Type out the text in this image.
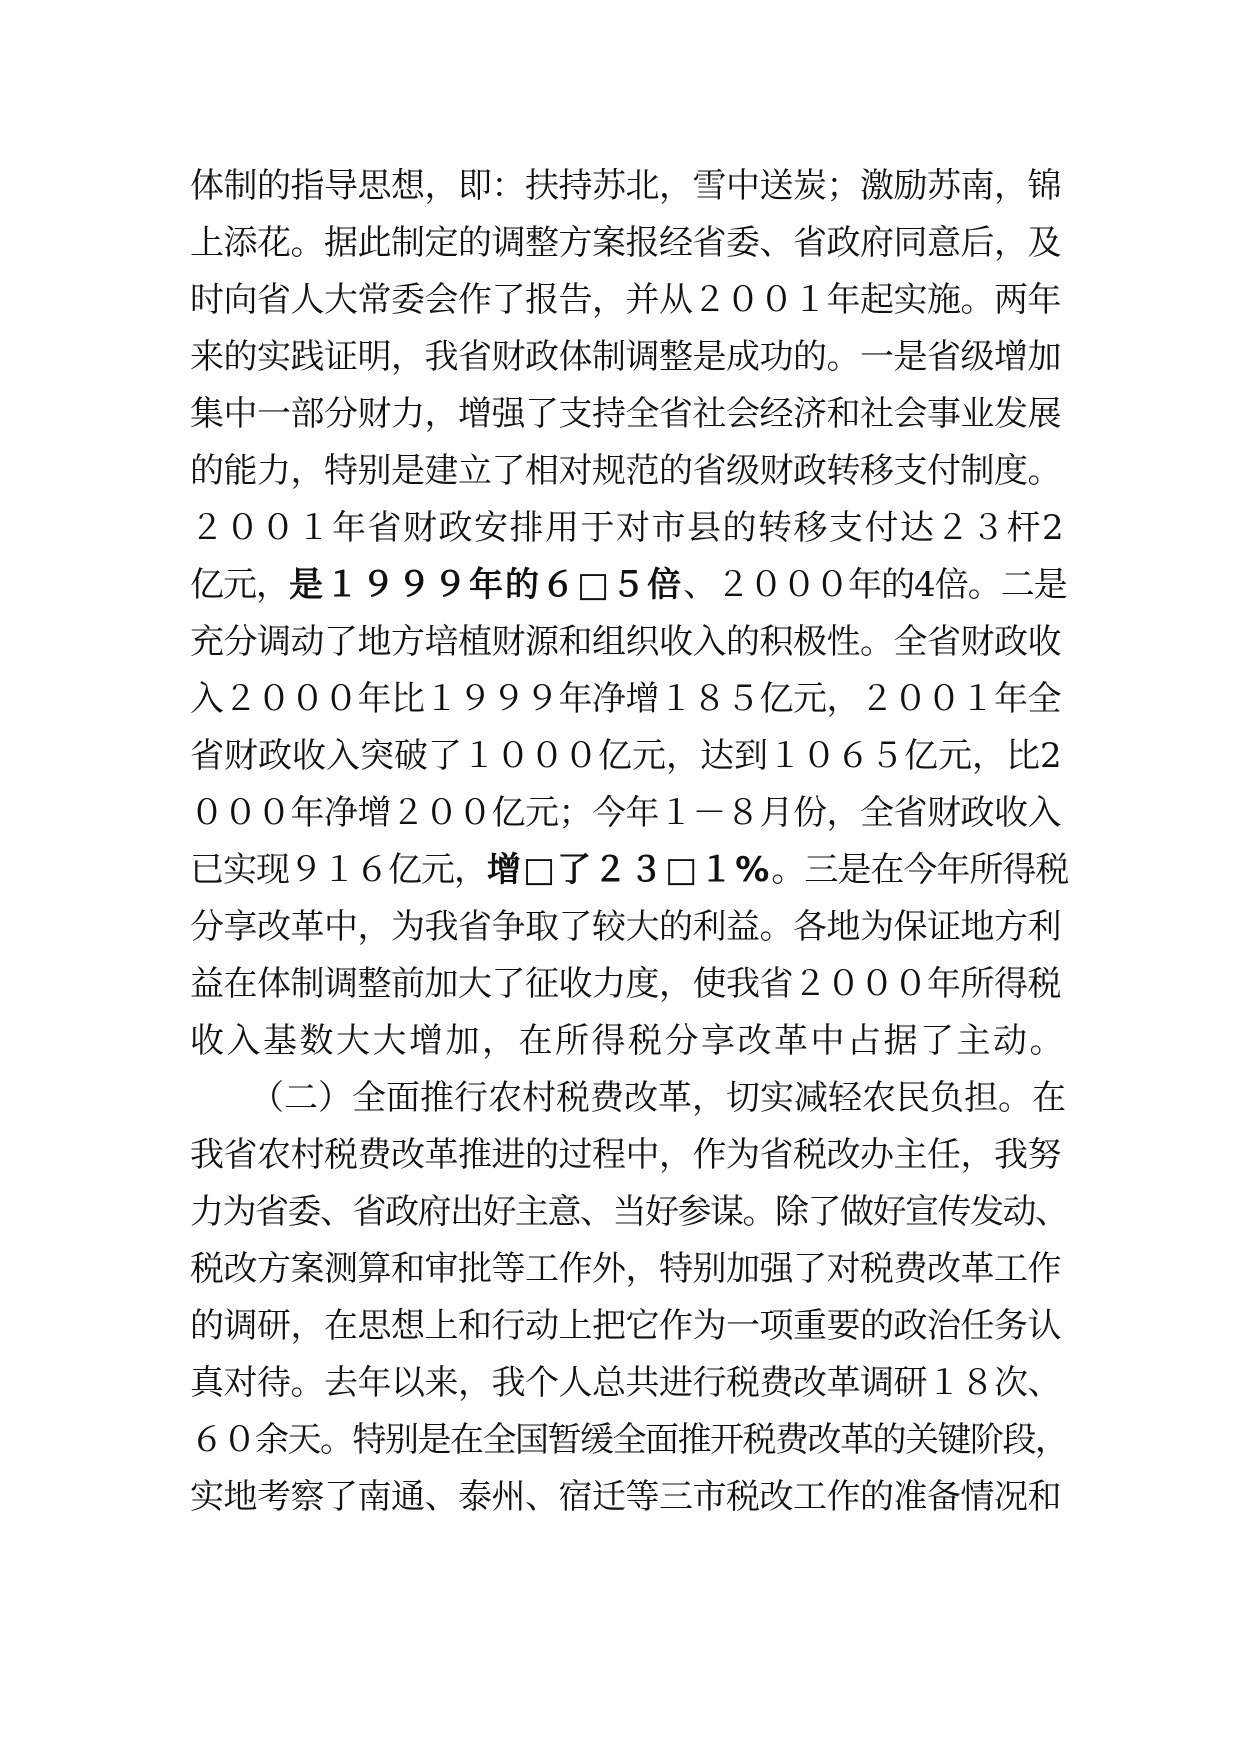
体制的指导思想，即：扶持苏北，雪中送炭；激励苏南，锦
上添花。据此制定的调整方案报经省委、省政府同意后，及
时向省人大常委会作了报告，并从２００１年起实施。两年
来的实践证明，我省财政体制调整是成功的。一是省级增加
集中一部分财力，增强了支持全省社会经济和社会事业发展
的能力，特别是建立了相对规范的省级财政转移支付制度。
２００１年省财政安排用于对市县的转移支付达２３杆2
亿元，是１９９９年的６□５倍、２０００年的4倍。二是
充分调动了地方培植财源和组织收入的积极性。全省财政收
入２０００年比１９９９年净增１８５亿元，２００１年全
省财政收入突破了１０００亿元，达到１０６５亿元，比2
０００年净增２００亿元；今年１－８月份，全省财政收入
已实现９１６亿元，增□了２３□１%。三是在今年所得税
分享改革中，为我省争取了较大的利益。各地为保证地方利
益在体制调整前加大了征收力度，使我省２０００年所得税
收入基数大大增加，在所得税分享改革中占据了主动。
（二）全面推行农村税费改革，切实减轻农民负担。在
我省农村税费改革推进的过程中，作为省税改办主任，我努
力为省委、省政府出好主意、当好参谋。除了做好宣传发动、
税改方案测算和审批等工作外，特别加强了对税费改革工作
的调研，在思想上和行动上把它作为一项重要的政治任务认
真对待。去年以来，我个人总共进行税费改革调研１８次、
６０余天。特别是在全国暂缓全面推开税费改革的关键阶段，
实地考察了南通、泰州、宿迁等三市税改工作的准备情况和
